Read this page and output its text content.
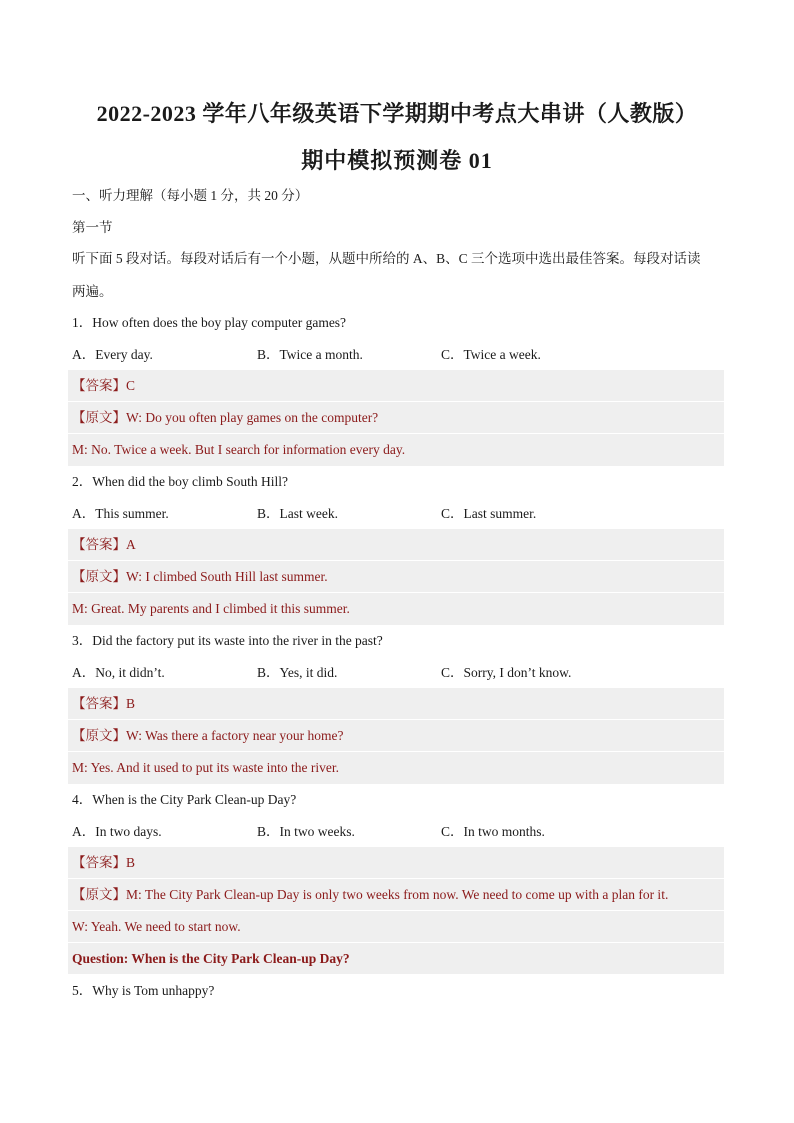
2022-2023 学年八年级英语下学期期中考点大串讲（人教版）
期中模拟预测卷 01
一、听力理解（每小题 1 分，共 20 分）
第一节
听下面 5 段对话。每段对话后有一个小题，从题中所给的 A、B、C 三个选项中选出最佳答案。每段对话读
两遍。
1．How often does the boy play computer games?
A．Every day.	B．Twice a month.	C．Twice a week.
【答案】C
【原文】W: Do you often play games on the computer?
M: No. Twice a week. But I search for information every day.
2．When did the boy climb South Hill?
A．This summer.	B．Last week.	C．Last summer.
【答案】A
【原文】W: I climbed South Hill last summer.
M: Great. My parents and I climbed it this summer.
3．Did the factory put its waste into the river in the past?
A．No, it didn’t.	B．Yes, it did.	C．Sorry, I don’t know.
【答案】B
【原文】W: Was there a factory near your home?
M: Yes. And it used to put its waste into the river.
4．When is the City Park Clean-up Day?
A．In two days.	B．In two weeks.	C．In two months.
【答案】B
【原文】M: The City Park Clean-up Day is only two weeks from now. We need to come up with a plan for it.
W: Yeah. We need to start now.
Question: When is the City Park Clean-up Day?
5．Why is Tom unhappy?
